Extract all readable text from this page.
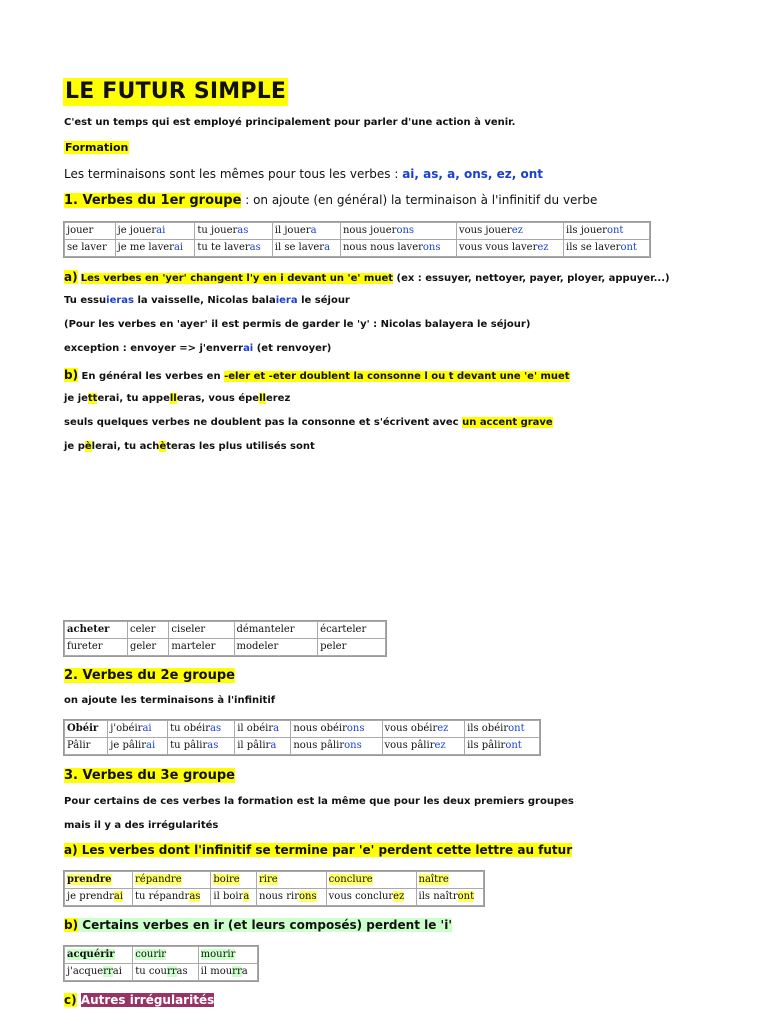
LE FUTUR SIMPLE
C'est un temps qui est employé principalement pour parler d'une action à venir.
Formation
Les terminaisons sont les mêmes pour tous les verbes : ai, as, a, ons, ez, ont
1. Verbes du 1er groupe : on ajoute (en général) la terminaison à l'infinitif du verbe
jouer	je jouerai	tu joueras	il jouera	nous jouerons	vous jouerez	ils joueront
se laver	je me laverai	tu te laveras	il se lavera	nous nous laverons	vous vous laverez	ils se laveront
a) Les verbes en 'yer' changent l'y en i devant un 'e' muet (ex : essuyer, nettoyer, payer, ployer, appuyer...)
Tu essuieras la vaisselle, Nicolas balaiera le séjour
(Pour les verbes en 'ayer' il est permis de garder le 'y' : Nicolas balayera le séjour)
exception : envoyer => j'enverrai (et renvoyer)
b) En général les verbes en -eler et -eter doublent la consonne l ou t devant une 'e' muet
je jetterai, tu appelleras, vous épellerez
seuls quelques verbes ne doublent pas la consonne et s'écrivent avec un accent grave
je pèlerai, tu achèteras les plus utilisés sont
acheter	celer	ciseler	démanteler	écarteler
fureter	geler	marteler	modeler	peler
2. Verbes du 2e groupe
on ajoute les terminaisons à l'infinitif
Obéir	j'obéirai	tu obéiras	il obéira	nous obéirons	vous obéirez	ils obéiront
Pâlir	je pâlirai	tu pâliras	il pâlira	nous pâlirons	vous pâlirez	ils pâliront
3. Verbes du 3e groupe
Pour certains de ces verbes la formation est la même que pour les deux premiers groupes
mais il y a des irrégularités
a) Les verbes dont l'infinitif se termine par 'e' perdent cette lettre au futur
prendre	répandre	boire	rire	conclure	naître
je prendrai	tu répandras	il boira	nous rirons	vous conclurez	ils naîtront
b) Certains verbes en ir (et leurs composés) perdent le 'i'
acquérir	courir	mourir
j'acquerrai	tu courras	il mourra
c) Autres irrégularités
